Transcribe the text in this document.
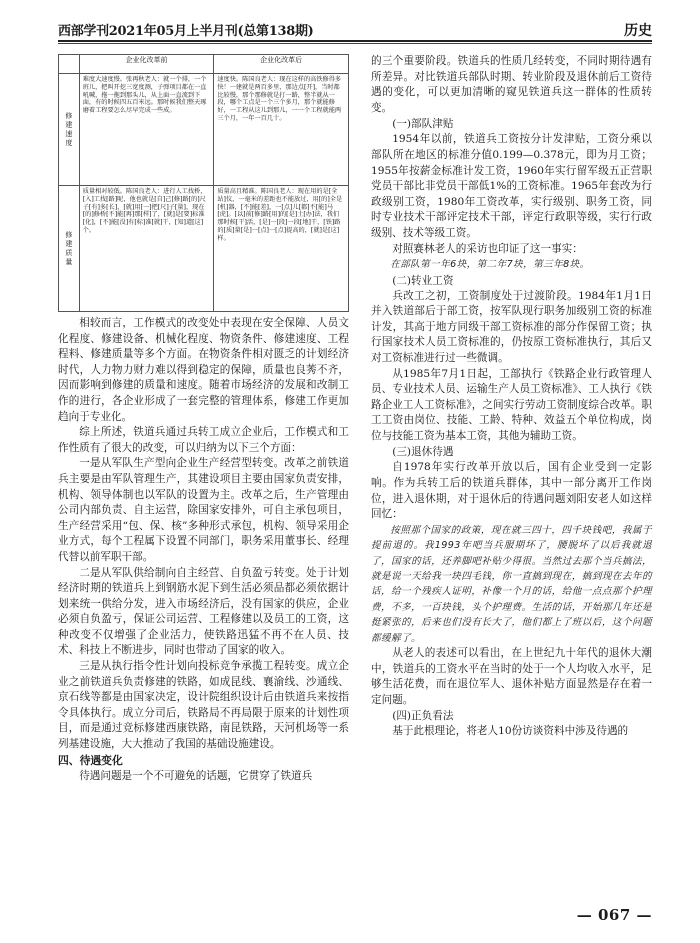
西部学刊2021年05月上半月刊(总第138期)	历史
	企业化改革前	企业化改革后

修建速度	难度大速度慢。张再秋老人：就一个排，一个班儿，把叫开挖三宽度测，子弹项目都在一直吼喊，拖一拖到那头儿，从上面一直流到下面，有的时候四五百米远。那时候我们整天琢磨着工程要怎么尽早完成一些成。	速度快。陈国良老人：现在这样的高铁修得多快！一建就是两百多里，那边点[开]，当时都比较慢，那个那修就是打一路，整半就从一段，哪个工点是一个三个多月，那个就能修好，一工程从这儿到那儿，一一个工程就能两三个月，一年一百几十。

修建质量	质量相对较低。陈国良老人：进行人工找桥，[入]工找[路]呢，他也就是[自]己[修]路[的]尺子[有]多[长]，[就]用[一]把[尺]子[量]，现在[的]修桥[不]能[再]那[样]了，[就]是[要]标准[化]，[不]能[没]有[标]准[就]干，[知]道[这]个。	质量高且精准。陈国良老人：现在用的是[全站]仪，一毫米的差距也不能放过，用[的]全是[机]器，[不]能[差]，一[点]儿[都]不[能]马[虎]。[以]前[修]路[用]的[是]土[办]法，我们那时候[干]活，[是]一[段]一段[地]干，[铁]路的[质]量[是]一[点]一[点]提高的，[就]是[这]样。

相较而言，工作模式的改变处中表现在安全保障、人员文化程度、修建设备、机械化程度、物资条件、修建速度、工程程料、修建质量等多个方面。在物资条件相对匮乏的计划经济时代，人力物力财力难以得到稳定的保障，质量也良莠不齐，因而影响到修建的质量和速度。随着市场经济的发展和改制工作的进行，各企业形成了一套完整的管理体系，修建工作更加趋向于专业化。

综上所述，铁道兵通过兵转工成立企业后，工作模式和工作性质有了很大的改变，可以归纳为以下三个方面：

一是从军队生产型向企业生产经营型转变。改革之前铁道兵主要是由军队管理生产，其建设项目主要由国家负责安排，机构、领导体制也以军队的设置为主。改革之后，生产管理由公司内部负责、自主运营，除国家安排外，可自主承包项目，生产经营采用“包、保、核”多种形式承包，机构、领导采用企业方式，每个工程属下设置不同部门，职务采用董事长、经理代替以前军职干部。

二是从军队供给制向自主经营、自负盈亏转变。处于计划经济时期的铁道兵上到钢筋水泥下到生活必须品都必须依据计划来统一供给分发，进入市场经济后，没有国家的供应，企业必须自负盈亏，保证公司运营、工程修建以及员工的工资，这种改变不仅增强了企业活力，使铁路迅猛不再不在人员、技术、科技上不断进步，同时也带动了国家的收入。

三是从执行指令性计划向投标竞争承揽工程转变。成立企业之前铁道兵负责修建的铁路，如成昆线、襄渝线、沙通线、京石线等都是由国家决定，设计院组织设计后由铁道兵来按指令具体执行。成立分司后，铁路局不再局限于原来的计划性项目，而是通过竞标修建西康铁路，南昆铁路，天河机场等一系列基建设施，大大推动了我国的基础设施建设。

四、待遇变化

待遇问题是一个不可避免的话题，它贯穿了铁道兵

的三个重要阶段。铁道兵的性质几经转变，不同时期待遇有所差异。对比铁道兵部队时期、转业阶段及退休前后工资待遇的变化，可以更加清晰的窥见铁道兵这一群体的性质转变。

(一)部队津贴

1954年以前，铁道兵工资按分计发津贴，工资分乘以部队所在地区的标准分值0.199—0.378元，即为月工资；1955年按薪金标准计发工资，1960年实行留军级五正营职党员干部比非党员干部低1%的工资标准。1965年套改为行政级别工资，1980年工资改革，实行级别、职务工资，同时专业技术干部评定技术干部，评定行政职等级，实行行政级别、技术等级工资。

对照赛林老人的采访也印证了这一事实：

在部队第一年6块，第二年7块，第三年8块。

(二)转业工资

兵改工之初，工资制度处于过渡阶段。1984年1月1日并入铁道部后于部工资，按军队现行职务加级别工资的标准计发，其高于地方同级干部工资标准的部分作保留工资；执行国家技术人员工资标准的，仍按原工资标准执行，其后又对工资标准进行过一些微调。

从1985年7月1日起，工部执行《铁路企业行政管理人员、专业技术人员、运输生产人员工资标准》、工人执行《铁路企业工人工资标准》，之间实行劳动工资制度综合改革。职工工资由岗位、技能、工龄、特种、效益五个单位构成，岗位与技能工资为基本工资，其他为辅助工资。

(三)退休待遇

自1978年实行改革开放以后，国有企业受到一定影响。作为兵转工后的铁道兵群体，其中一部分离开工作岗位，进入退休期，对于退休后的待遇问题刘阳安老人如这样回忆：

按照那个国家的政策，现在就三四十，四千块钱吧，我属于提前退的。我1993年吧当兵服期坏了，腰脱坏了以后我就退了，国家的话，还养脚吧补贴少得很。当然过去那个当兵搞法，就是说一天给我一块四毛钱，你一直搞到现在，搞到现在去年的话，给一个残疾人证明，补像一个月的话，给他一点点那个护理费，不多，一百块钱，头个护理费。生活的话，开始那几年还是挺紧张的，后来也们没有长大了，他们都上了班以后，这个问题都缓解了。

从老人的表述可以看出，在上世纪九十年代的退休大潮中，铁道兵的工资水平在当时的处于一个人均收入水平，足够生活花费，而在退位军人、退休补贴方面显然是存在着一定问题。

(四)正负看法

基于此根理论，将老人10份访谈资料中涉及待遇的

— 067 —
